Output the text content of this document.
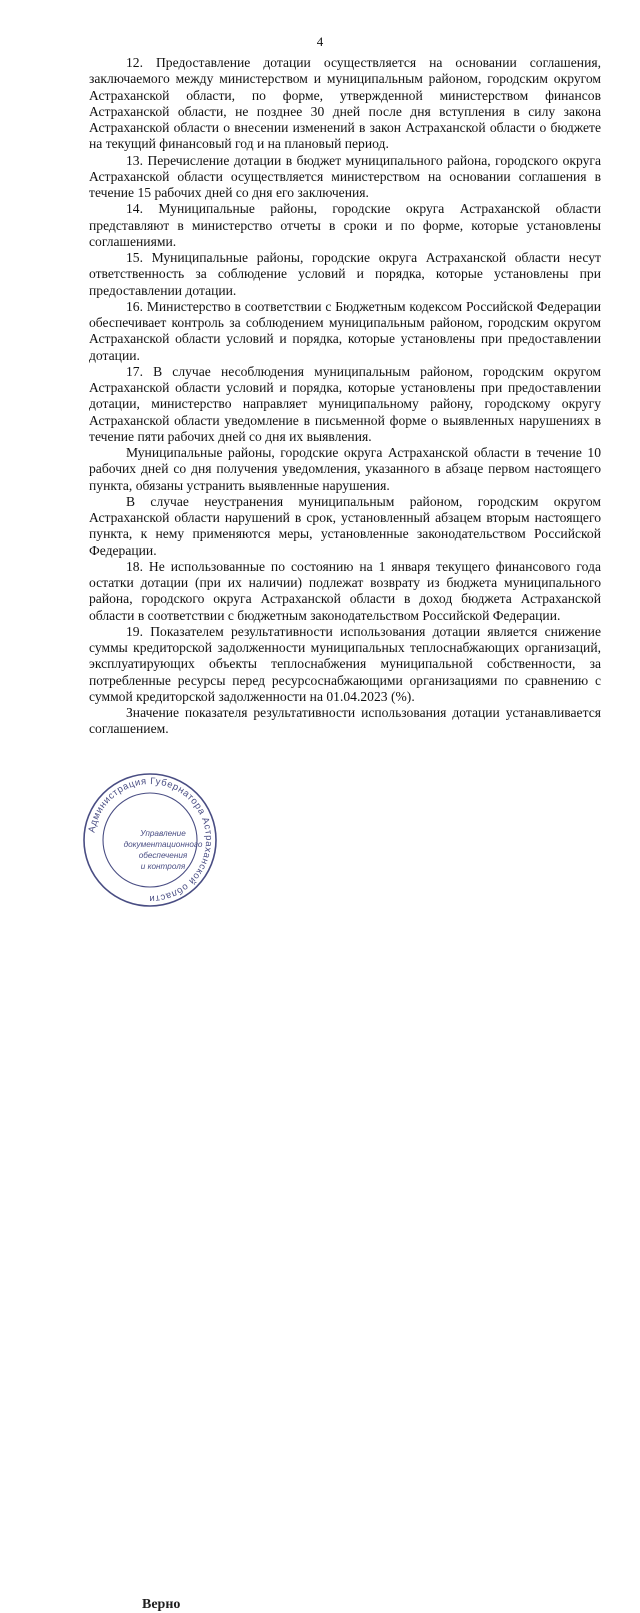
4

12. Предоставление дотации осуществляется на основании соглашения, заключаемого между министерством и муниципальным районом, городским округом Астраханской области, по форме, утвержденной министерством финансов Астраханской области, не позднее 30 дней после дня вступления в силу закона Астраханской области о внесении изменений в закон Астраханской области о бюджете на текущий финансовый год и на плановый период.

13. Перечисление дотации в бюджет муниципального района, городского округа Астраханской области осуществляется министерством на основании соглашения в течение 15 рабочих дней со дня его заключения.

14. Муниципальные районы, городские округа Астраханской области представляют в министерство отчеты в сроки и по форме, которые установлены соглашениями.

15. Муниципальные районы, городские округа Астраханской области несут ответственность за соблюдение условий и порядка, которые установлены при предоставлении дотации.

16. Министерство в соответствии с Бюджетным кодексом Российской Федерации обеспечивает контроль за соблюдением муниципальным районом, городским округом Астраханской области условий и порядка, которые установлены при предоставлении дотации.

17. В случае несоблюдения муниципальным районом, городским округом Астраханской области условий и порядка, которые установлены при предоставлении дотации, министерство направляет муниципальному району, городскому округу Астраханской области уведомление в письменной форме о выявленных нарушениях в течение пяти рабочих дней со дня их выявления.

Муниципальные районы, городские округа Астраханской области в течение 10 рабочих дней со дня получения уведомления, указанного в абзаце первом настоящего пункта, обязаны устранить выявленные нарушения.

В случае неустранения муниципальным районом, городским округом Астраханской области нарушений в срок, установленный абзацем вторым настоящего пункта, к нему применяются меры, установленные законодательством Российской Федерации.

18. Не использованные по состоянию на 1 января текущего финансового года остатки дотации (при их наличии) подлежат возврату из бюджета муниципального района, городского округа Астраханской области в доход бюджета Астраханской области в соответствии с бюджетным законодательством Российской Федерации.

19. Показателем результативности использования дотации является снижение суммы кредиторской задолженности муниципальных теплоснабжающих организаций, эксплуатирующих объекты теплоснабжения муниципальной собственности, за потребленные ресурсы перед ресурсоснабжающими организациями по сравнению с суммой кредиторской задолженности на 01.04.2023 (%).

Значение показателя результативности использования дотации устанавливается соглашением.

Администрация Губернатора Астраханской области
Управление
документационного
обеспечения
и контроля
Верно
